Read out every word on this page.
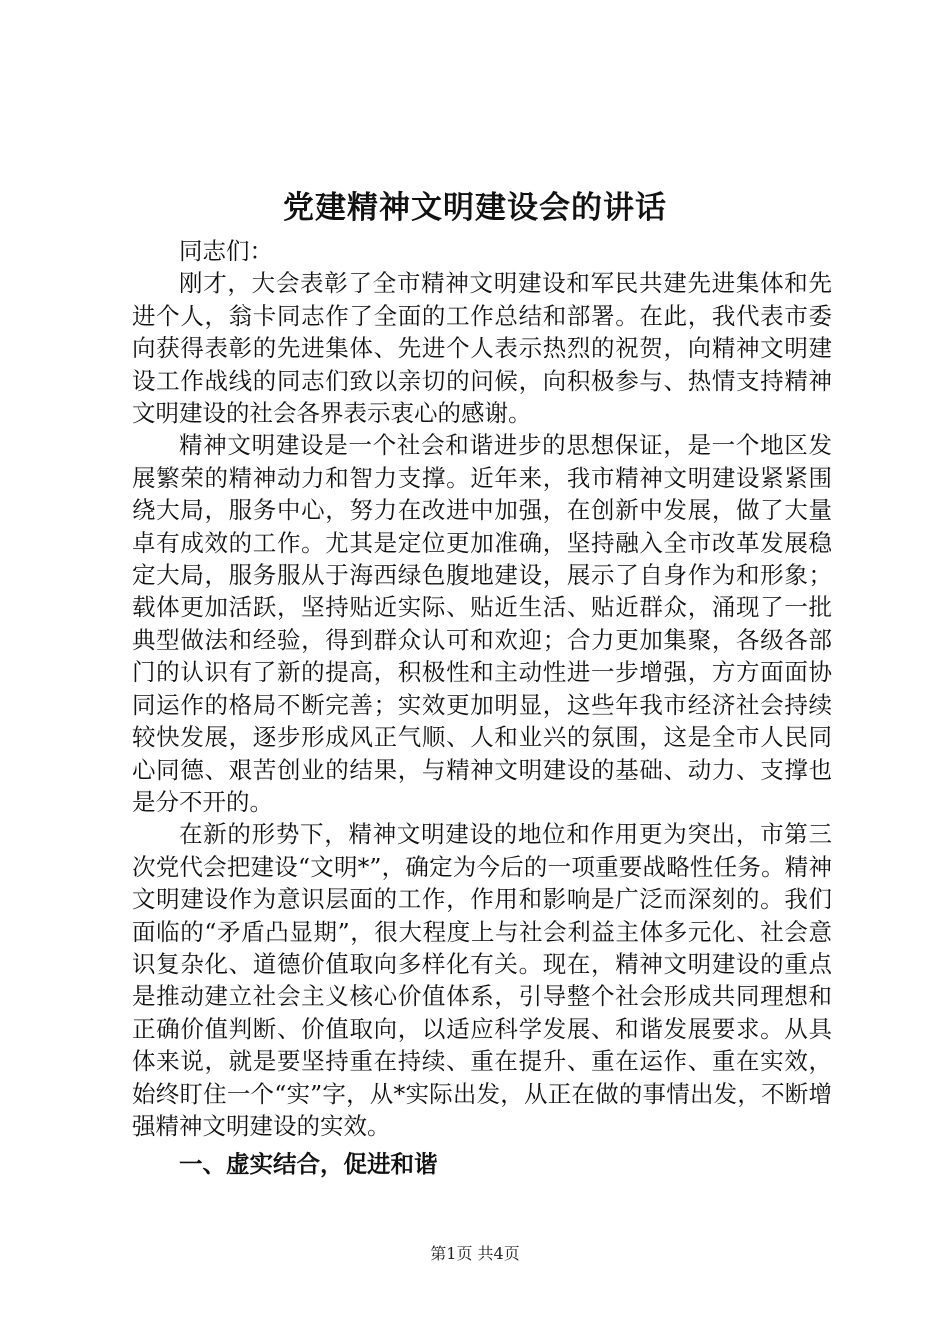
党建精神文明建设会的讲话

同志们：

刚才，大会表彰了全市精神文明建设和军民共建先进集体和先进个人，翁卡同志作了全面的工作总结和部署。在此，我代表市委向获得表彰的先进集体、先进个人表示热烈的祝贺，向精神文明建设工作战线的同志们致以亲切的问候，向积极参与、热情支持精神文明建设的社会各界表示衷心的感谢。

精神文明建设是一个社会和谐进步的思想保证，是一个地区发展繁荣的精神动力和智力支撑。近年来，我市精神文明建设紧紧围绕大局，服务中心，努力在改进中加强，在创新中发展，做了大量卓有成效的工作。尤其是定位更加准确，坚持融入全市改革发展稳定大局，服务服从于海西绿色腹地建设，展示了自身作为和形象；载体更加活跃，坚持贴近实际、贴近生活、贴近群众，涌现了一批典型做法和经验，得到群众认可和欢迎；合力更加集聚，各级各部门的认识有了新的提高，积极性和主动性进一步增强，方方面面协同运作的格局不断完善；实效更加明显，这些年我市经济社会持续较快发展，逐步形成风正气顺、人和业兴的氛围，这是全市人民同心同德、艰苦创业的结果，与精神文明建设的基础、动力、支撑也是分不开的。

在新的形势下，精神文明建设的地位和作用更为突出，市第三次党代会把建设“文明*”，确定为今后的一项重要战略性任务。精神文明建设作为意识层面的工作，作用和影响是广泛而深刻的。我们面临的“矛盾凸显期”，很大程度上与社会利益主体多元化、社会意识复杂化、道德价值取向多样化有关。现在，精神文明建设的重点是推动建立社会主义核心价值体系，引导整个社会形成共同理想和正确价值判断、价值取向，以适应科学发展、和谐发展要求。从具体来说，就是要坚持重在持续、重在提升、重在运作、重在实效，始终盯住一个“实”字，从*实际出发，从正在做的事情出发，不断增强精神文明建设的实效。

一、虚实结合，促进和谐
第1页 共4页
